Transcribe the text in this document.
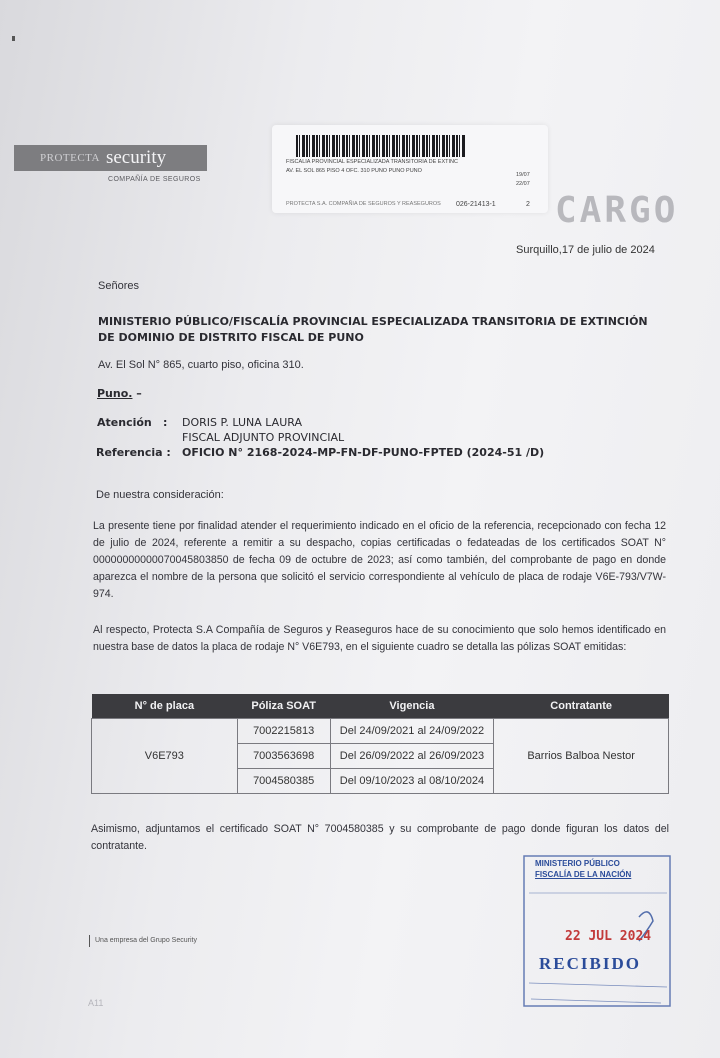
PROTECTA security
COMPAÑÍA DE SEGUROS
FISCALIA PROVINCIAL ESPECIALIZADA TRANSITORIA DE EXTINC
AV. EL SOL 865 PISO 4 OFC. 310 PUNO PUNO PUNO
PROTECTA S.A. COMPAÑIA DE SEGUROS Y REASEGUROS 026-21413-1	2
19/07
22/07
CARGO
Surquillo,17 de julio de 2024
Señores
MINISTERIO PÚBLICO/FISCALÍA PROVINCIAL ESPECIALIZADA TRANSITORIA DE EXTINCIÓN
DE DOMINIO DE DISTRITO FISCAL DE PUNO
Av. El Sol N° 865, cuarto piso, oficina 310.
Puno. –
Atención : DORIS P. LUNA LAURA
FISCAL ADJUNTO PROVINCIAL
Referencia : OFICIO N° 2168-2024-MP-FN-DF-PUNO-FPTED (2024-51 /D)
De nuestra consideración:
La presente tiene por finalidad atender el requerimiento indicado en el oficio de la referencia, recepcionado con fecha 12 de julio de 2024, referente a remitir a su despacho, copias certificadas o fedateadas de los certificados SOAT N° 00000000000070045803850 de fecha 09 de octubre de 2023; así como también, del comprobante de pago en donde aparezca el nombre de la persona que solicitó el servicio correspondiente al vehículo de placa de rodaje V6E-793/V7W-974.
Al respecto, Protecta S.A Compañía de Seguros y Reaseguros hace de su conocimiento que solo hemos identificado en nuestra base de datos la placa de rodaje N° V6E793, en el siguiente cuadro se detalla las pólizas SOAT emitidas:
N° de placa	Póliza SOAT	Vigencia	Contratante
V6E793	7002215813	Del 24/09/2021 al 24/09/2022	Barrios Balboa Nestor
	7003563698	Del 26/09/2022 al 26/09/2023	
	7004580385	Del 09/10/2023 al 08/10/2024	
Asimismo, adjuntamos el certificado SOAT N° 7004580385 y su comprobante de pago donde figuran los datos del contratante.
Una empresa del Grupo Security
MINISTERIO PÚBLICO
FISCALÍA DE LA NACIÓN
22 JUL 2024
RECIBIDO
A11
